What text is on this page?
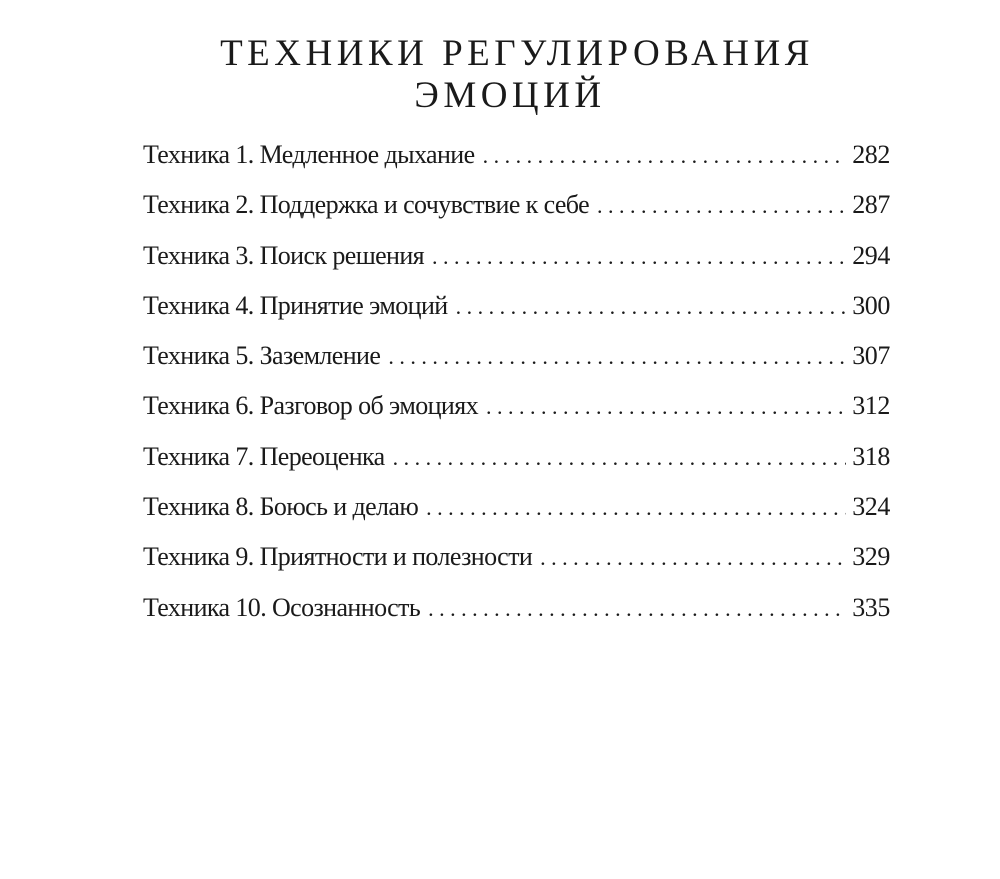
ТЕХНИКИ РЕГУЛИРОВАНИЯ
ЭМОЦИЙ
Техника 1. Медленное дыхание . . .	282
Техника 2. Поддержка и сочувствие к себе . . .	287
Техника 3. Поиск решения . . .	294
Техника 4. Принятие эмоций . . .	300
Техника 5. Заземление . . .	307
Техника 6. Разговор об эмоциях . . .	312
Техника 7. Переоценка . . .	318
Техника 8. Боюсь и делаю . . .	324
Техника 9. Приятности и полезности . . .	329
Техника 10. Осознанность . . .	335
